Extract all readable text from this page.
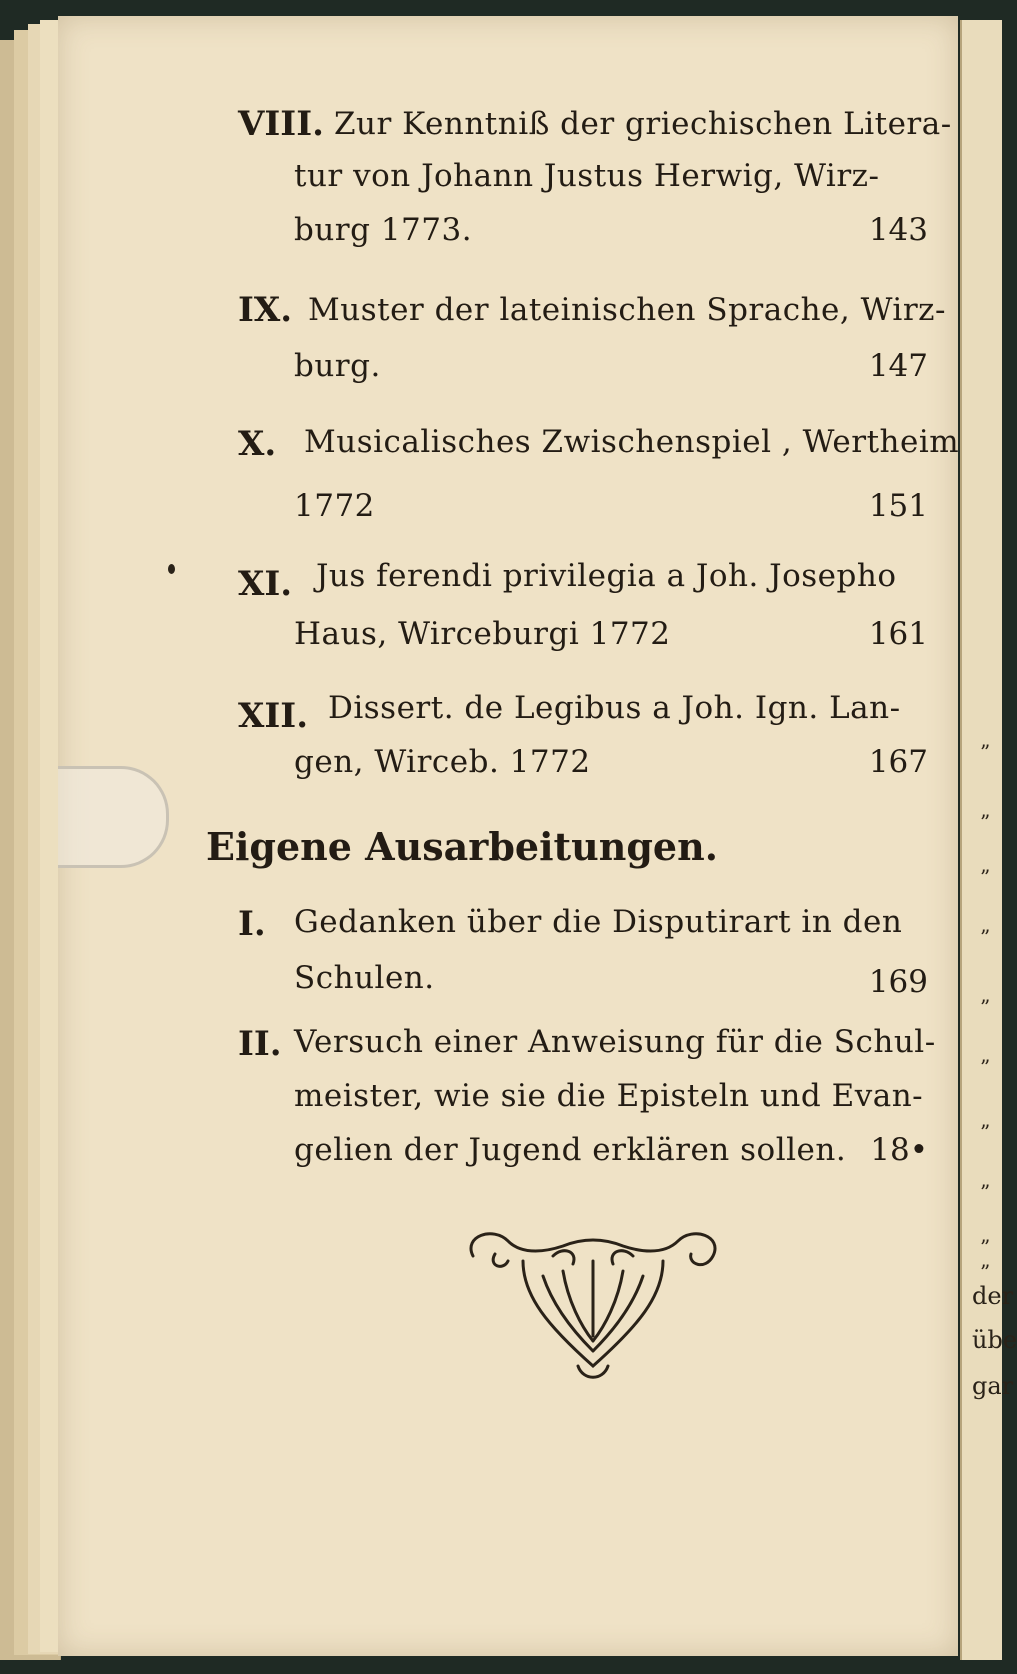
”
”
”
”
”
”
”
”
”
”
der
übe
gar
VIII. Zur Kenntniß der griechischen Litera-
tur von Johann Justus Herwig, Wirz-
burg 1773.	143
IX. Muster der lateinischen Sprache, Wirz-
burg.	147
X. Musicalisches Zwischenspiel , Wertheim
1772	151
XI. Jus ferendi privilegia a Joh. Josepho
Haus, Wirceburgi 1772	161
XII. Dissert. de Legibus a Joh. Ign. Lan-
gen, Wirceb. 1772	167
Eigene Ausarbeitungen.
I. Gedanken über die Disputirart in den
Schulen.	169
II. Versuch einer Anweisung für die Schul-
meister, wie sie die Episteln und Evan-
gelien der Jugend erklären sollen. 18•
